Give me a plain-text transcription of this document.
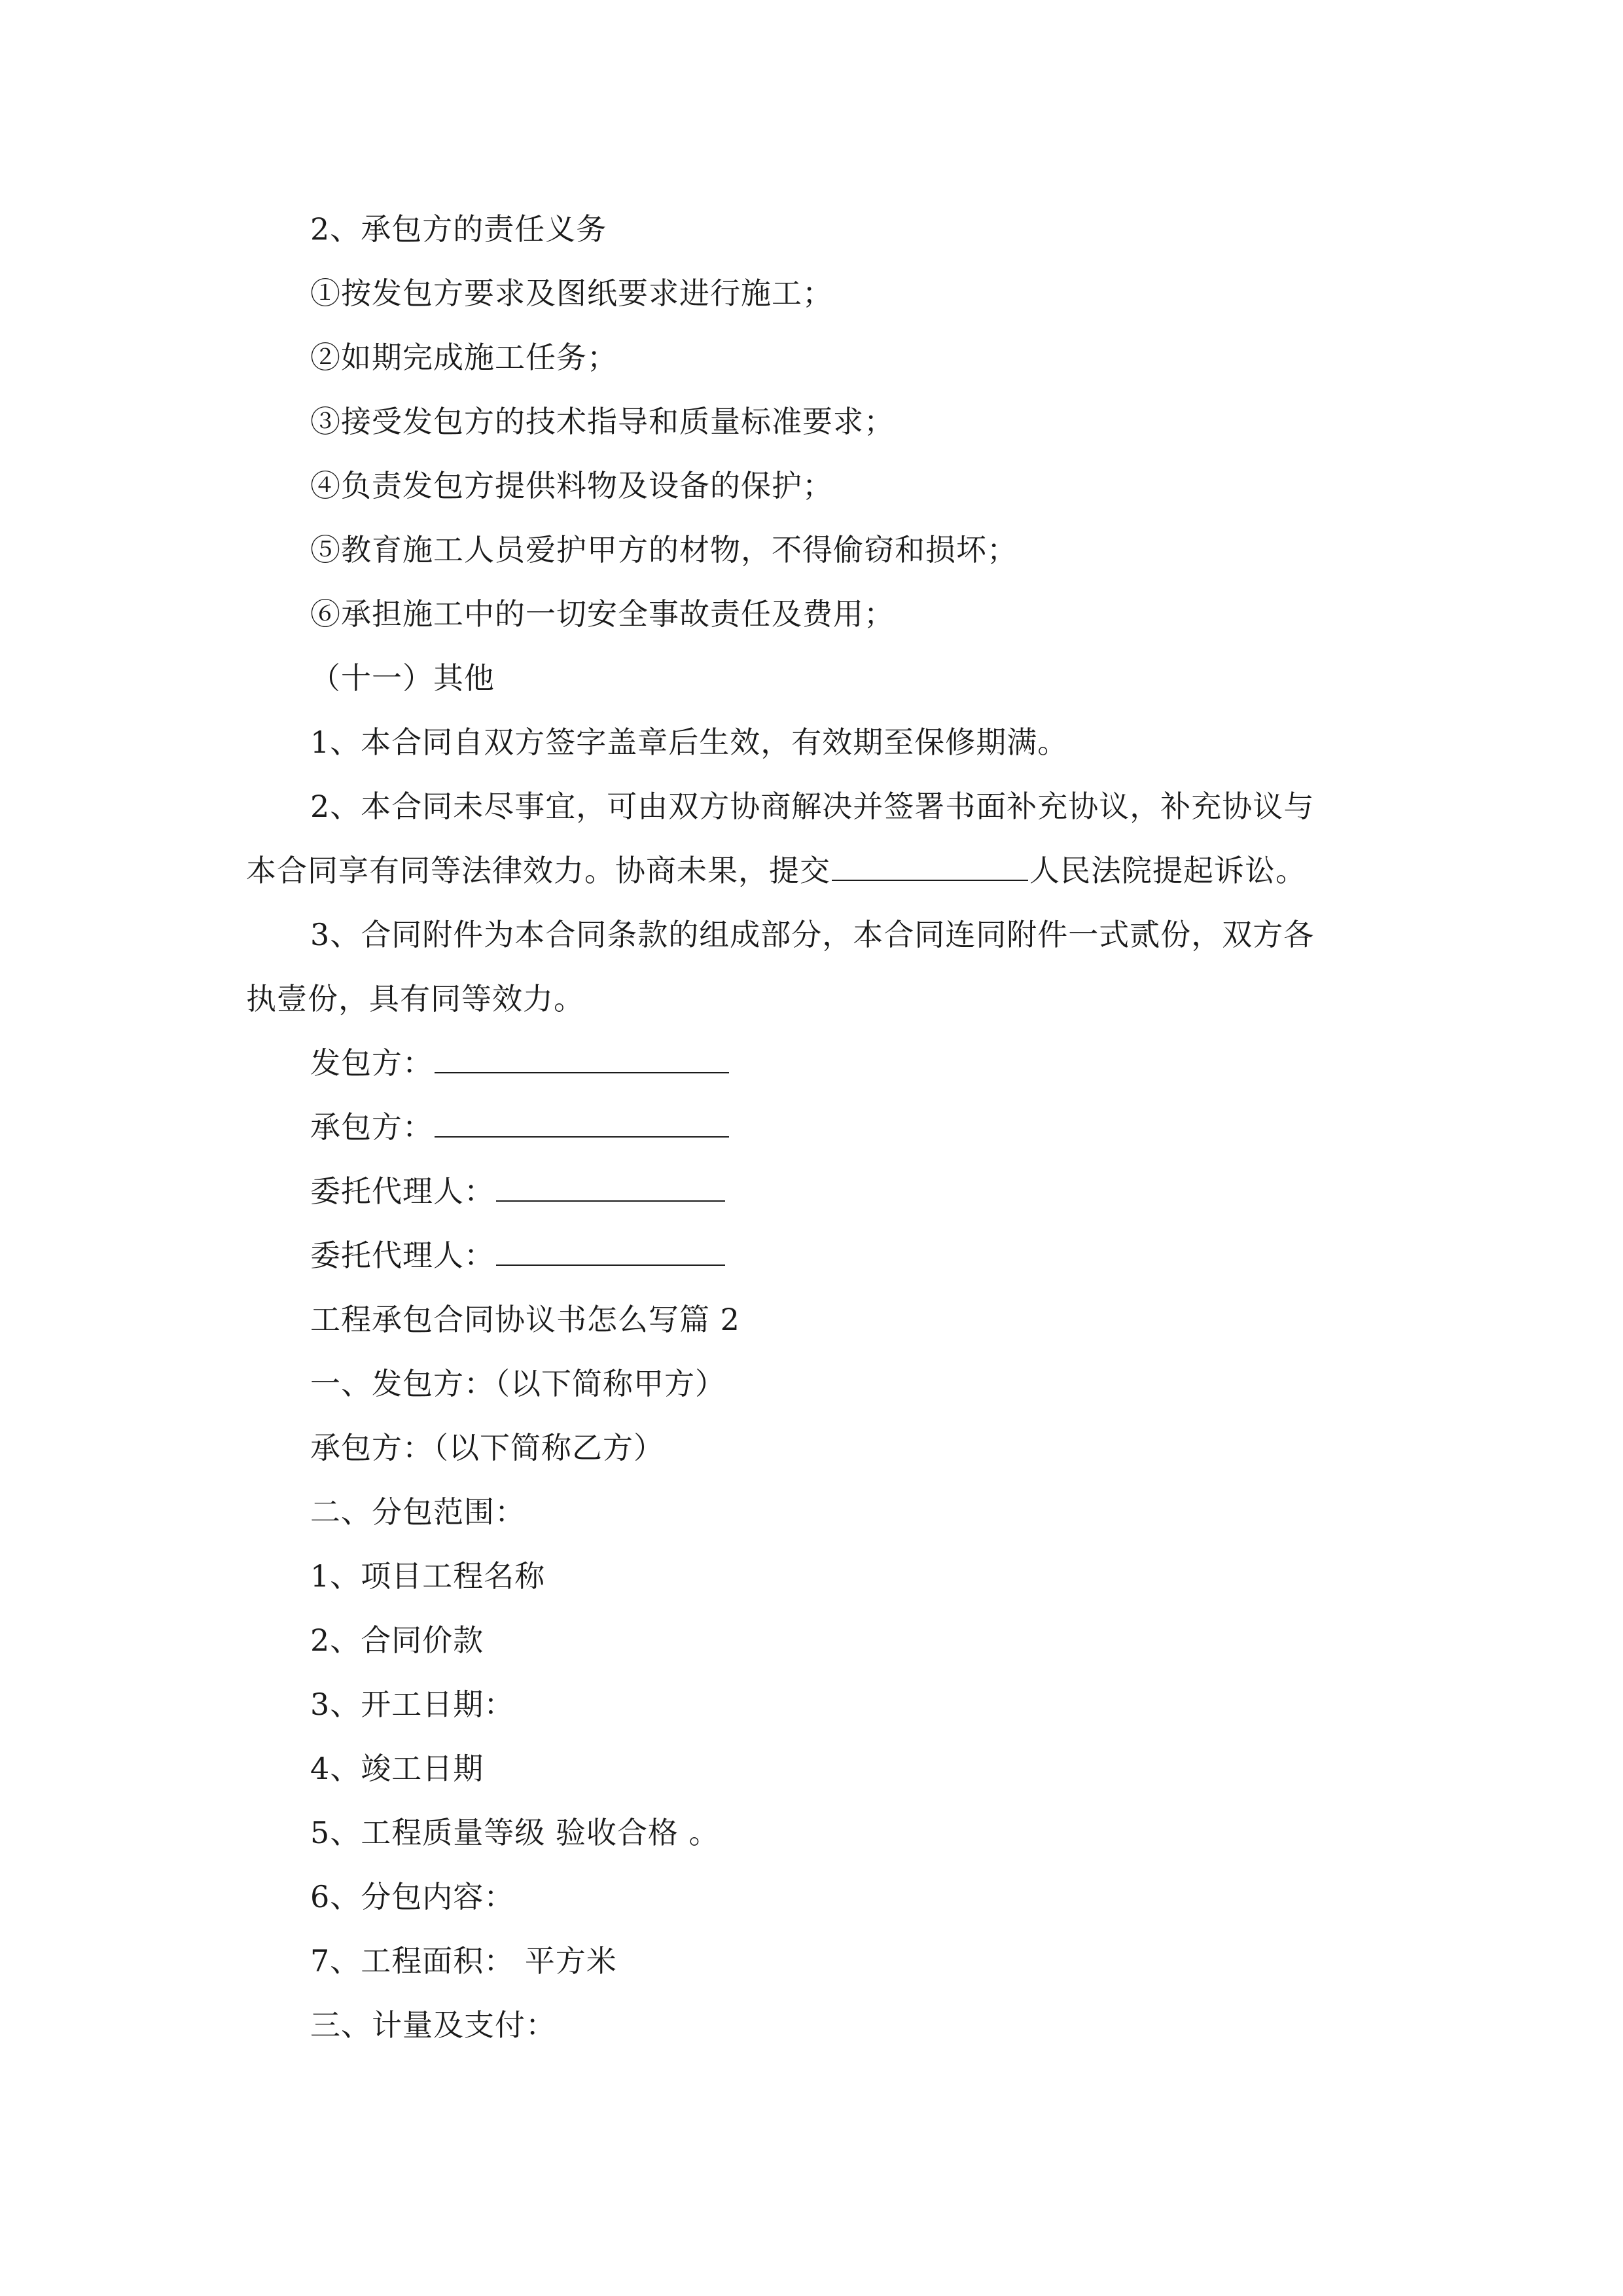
2、承包方的责任义务
①按发包方要求及图纸要求进行施工；
②如期完成施工任务；
③接受发包方的技术指导和质量标准要求；
④负责发包方提供料物及设备的保护；
⑤教育施工人员爱护甲方的材物，不得偷窃和损坏；
⑥承担施工中的一切安全事故责任及费用；
（十一）其他
1、本合同自双方签字盖章后生效，有效期至保修期满。
2、本合同未尽事宜，可由双方协商解决并签署书面补充协议，补充协议与
本合同享有同等法律效力。协商未果，提交	人民法院提起诉讼。
3、合同附件为本合同条款的组成部分，本合同连同附件一式贰份，双方各
执壹份，具有同等效力。
发包方：
承包方：
委托代理人：
委托代理人：
工程承包合同协议书怎么写篇 2
一、发包方：（以下简称甲方）
承包方：（以下简称乙方）
二、分包范围：
1、项目工程名称
2、合同价款
3、开工日期：
4、竣工日期
5、工程质量等级 验收合格 。
6、分包内容：
7、工程面积： 平方米
三、计量及支付：
